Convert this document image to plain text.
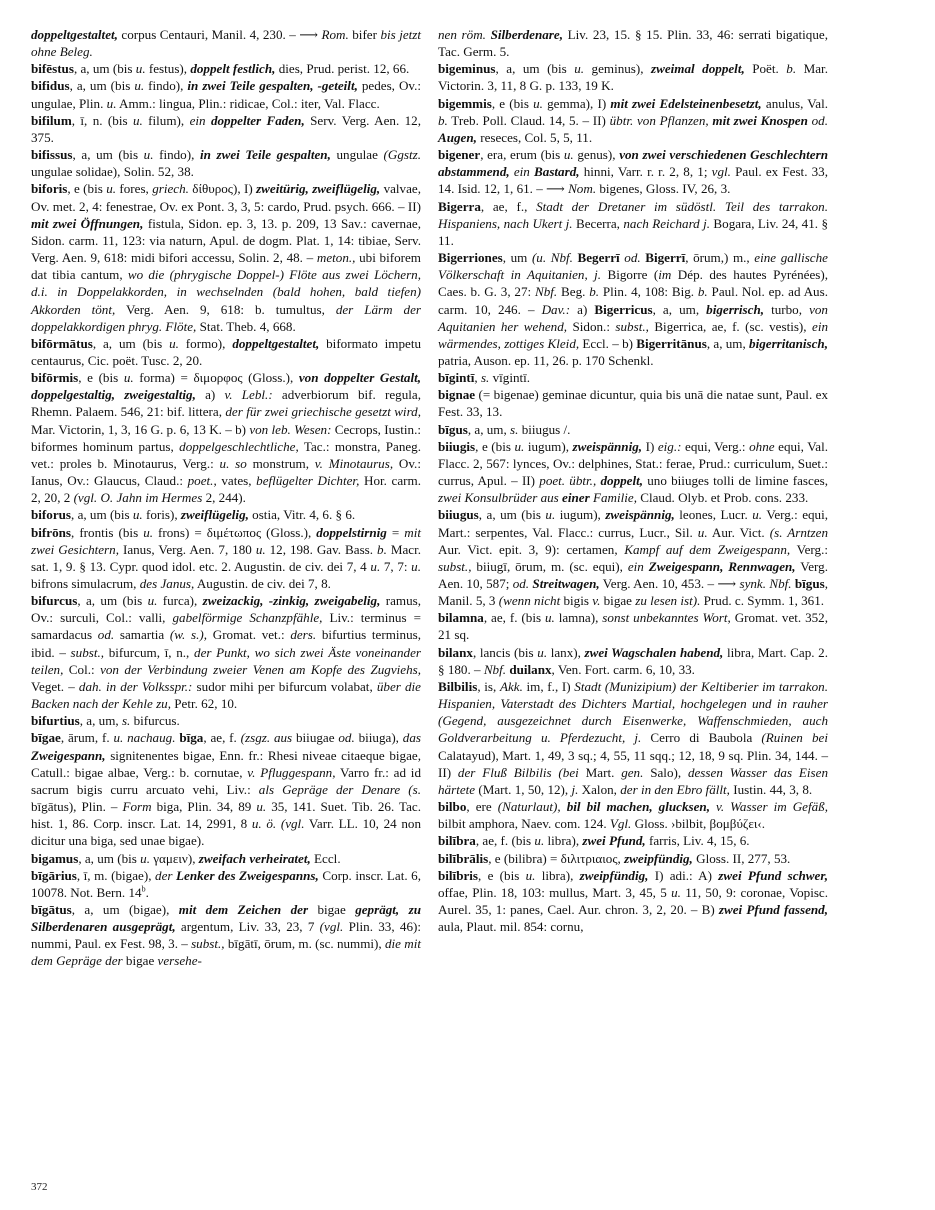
doppeltgestaltet, corpus Centauri, Manil. 4, 230. – ⟶ Rom. bifer bis jetzt ohne Beleg.
bifēstus, a, um (bis u. festus), doppelt festlich, dies, Prud. perist. 12, 66.
bifidus, a, um (bis u. findo), in zwei Teile gespalten, -geteilt, pedes, Ov.: ungulae, Plin. u. Amm.: lingua, Plin.: ridicae, Col.: iter, Val. Flacc.
bifilum, ī, n. (bis u. filum), ein doppelter Faden, Serv. Verg. Aen. 12, 375.
bifissus, a, um (bis u. findo), in zwei Teile gespalten, ungulae (Ggstz. ungulae solidae), Solin. 52, 38.
biforis, e (bis u. fores, griech. δίθυρος), I) zweitürig, zweiflügelig, valvae, Ov. met. 2, 4: fenestrae, Ov. ex Pont. 3, 3, 5: cardo, Prud. psych. 666. – II) mit zwei Öffnungen, fistula, Sidon. ep. 3, 13. p. 209, 13 Sav.: cavernae, Sidon. carm. 11, 123: via naturn, Apul. de dogm. Plat. 1, 14: tibiae, Serv. Verg. Aen. 9, 618: midi bifori accessu, Solin. 2, 48. – meton., ubi biforem dat tibia cantum, wo die (phrygische Doppel-) Flöte aus zwei Löchern, d.i. in Doppelakkorden, in wechselnden (bald hohen, bald tiefen) Akkorden tönt, Verg. Aen. 9, 618: b. tumultus, der Lärm der doppelakkordigen phryg. Flöte, Stat. Theb. 4, 668.
bifōrmātus, a, um (bis u. formo), doppeltgestaltet, biformato impetu centaurus, Cic. poët. Tusc. 2, 20.
bifōrmis, e (bis u. forma) = διμορφος (Gloss.), von doppelter Gestalt, doppelgestaltig, zweigestaltig, a) v. Lebl.: adverbiorum bif. regula, Rhemn. Palaem. 546, 21: bif. littera, der für zwei griechische gesetzt wird, Mar. Victorin, 1, 3, 16 G. p. 6, 13 K. – b) von leb. Wesen: Cecrops, Iustin.: biformes hominum partus, doppelgeschlechtliche, Tac.: monstra, Paneg. vet.: proles b. Minotaurus, Verg.: u. so monstrum, v. Minotaurus, Ov.: Ianus, Ov.: Glaucus, Claud.: poet., vates, beflügelter Dichter, Hor. carm. 2, 20, 2 (vgl. O. Jahn im Hermes 2, 244).
biforus, a, um (bis u. foris), zweiflügelig, ostia, Vitr. 4, 6. § 6.
bifrōns, frontis (bis u. frons) = διμέτωπος (Gloss.), doppelstirnig = mit zwei Gesichtern, Ianus, Verg. Aen. 7, 180 u. 12, 198. Gav. Bass. b. Macr. sat. 1, 9. § 13. Cypr. quod idol. etc. 2. Augustin. de civ. dei 7, 4 u. 7, 7: u. bifrons simulacrum, des Janus, Augustin. de civ. dei 7, 8.
bifurcus, a, um (bis u. furca), zweizackig, -zinkig, zweigabelig, ramus, Ov.: surculi, Col.: valli, gabelförmige Schanzpfähle, Liv.: terminus = samardacus od. samartia (w. s.), Gromat. vet.: ders. bifurtius terminus, ibid. – subst., bifurcum, ī, n., der Punkt, wo sich zwei Äste voneinander teilen, Col.: von der Verbindung zweier Venen am Kopfe des Zugviehs, Veget. – dah. in der Volksspr.: sudor mihi per bifurcum volabat, über die Backen nach der Kehle zu, Petr. 62, 10.
bifurtius, a, um, s. bifurcus.
bīgae, ārum, f. u. nachaug. bīga, ae, f. (zsgz. aus biiugae od. biiuga), das Zweigespann, signitenentes bigae, Enn. fr.: Rhesi niveae citaeque bigae, Catull.: bigae albae, Verg.: b. cornutae, v. Pfluggespann, Varro fr.: ad id sacrum bigis curru arcuato vehi, Liv.: als Gepräge der Denare (s. bīgātus), Plin. – Form biga, Plin. 34, 89 u. 35, 141. Suet. Tib. 26. Tac. hist. 1, 86. Corp. inscr. Lat. 14, 2991, 8 u. ö. (vgl. Varr. LL. 10, 24 non dicitur una biga, sed unae bigae).
bigamus, a, um (bis u. γαμειν), zweifach verheiratet, Eccl.
bīgārius, ī, m. (bigae), der Lenker des Zweigespanns, Corp. inscr. Lat. 6, 10078. Not. Bern. 14$^b$.
bīgātus, a, um (bigae), mit dem Zeichen der bigae geprägt, zu Silberdenaren ausgeprägt, argentum, Liv. 33, 23, 7 (vgl. Plin. 33, 46): nummi, Paul. ex Fest. 98, 3. – subst., bīgātī, ōrum, m. (sc. nummi), die mit dem Gepräge der bigae versehe-
nen röm. Silberdenare, Liv. 23, 15. § 15. Plin. 33, 46: serrati bigatique, Tac. Germ. 5.
bigeminus, a, um (bis u. geminus), zweimal doppelt, Poët. b. Mar. Victorin. 3, 11, 8 G. p. 133, 19 K.
bigemmis, e (bis u. gemma), I) mit zwei Edelsteinenbesetzt, anulus, Val. b. Treb. Poll. Claud. 14, 5. – II) übtr. von Pflanzen, mit zwei Knospen od. Augen, reseces, Col. 5, 5, 11.
bigener, era, erum (bis u. genus), von zwei verschiedenen Geschlechtern abstammend, ein Bastard, hinni, Varr. r. r. 2, 8, 1; vgl. Paul. ex Fest. 33, 14. Isid. 12, 1, 61. – ⟶ Nom. bigenes, Gloss. IV, 26, 3.
Bigerra, ae, f., Stadt der Dretaner im südöstl. Teil des tarrakon. Hispaniens, nach Ukert j. Becerra, nach Reichard j. Bogara, Liv. 24, 41. § 11.
Bigerriones, um (u. Nbf. Begerrī od. Bigerrī, ōrum,) m., eine gallische Völkerschaft in Aquitanien, j. Bigorre (im Dép. des hautes Pyrénées), Caes. b. G. 3, 27: Nbf. Beg. b. Plin. 4, 108: Big. b. Paul. Nol. ep. ad Aus. carm. 10, 246. – Dav.: a) Bigerricus, a, um, bigerrisch, turbo, von Aquitanien her wehend, Sidon.: subst., Bigerrica, ae, f. (sc. vestis), ein wärmendes, zottiges Kleid, Eccl. – b) Bigerritānus, a, um, bigerritanisch, patria, Auson. ep. 11, 26. p. 170 Schenkl.
bīgintī, s. vīgintī.
bignae (= bigenae) geminae dicuntur, quia bis unā die natae sunt, Paul. ex Fest. 33, 13.
bīgus, a, um, s. biiugus /.
biiugis, e (bis u. iugum), zweispännig, I) eig.: equi, Verg.: ohne equi, Val. Flacc. 2, 567: lynces, Ov.: delphines, Stat.: ferae, Prud.: curriculum, Suet.: currus, Apul. – II) poet. übtr., doppelt, uno biiuges tolli de limine fasces, zwei Konsulbrüder aus einer Familie, Claud. Olyb. et Prob. cons. 233.
biiugus, a, um (bis u. iugum), zweispännig, leones, Lucr. u. Verg.: equi, Mart.: serpentes, Val. Flacc.: currus, Lucr., Sil. u. Aur. Vict. (s. Arntzen Aur. Vict. epit. 3, 9): certamen, Kampf auf dem Zweigespann, Verg.: subst., biiugī, ōrum, m. (sc. equi), ein Zweigespann, Rennwagen, Verg. Aen. 10, 587; od. Streitwagen, Verg. Aen. 10, 453. – ⟶ synk. Nbf. bīgus, Manil. 5, 3 (wenn nicht bigis v. bigae zu lesen ist). Prud. c. Symm. 1, 361.
bilamna, ae, f. (bis u. lamna), sonst unbekanntes Wort, Gromat. vet. 352, 21 sq.
bilanx, lancis (bis u. lanx), zwei Wagschalen habend, libra, Mart. Cap. 2. § 180. – Nbf. duilanx, Ven. Fort. carm. 6, 10, 33.
Bilbilis, is, Akk. im, f., I) Stadt (Munizipium) der Keltiberier im tarrakon. Hispanien, Vaterstadt des Dichters Martial, hochgelegen und in rauher (Gegend, ausgezeichnet durch Eisenwerke, Waffenschmieden, auch Goldverarbeitung u. Pferdezucht, j. Cerro di Baubola (Ruinen bei Calatayud), Mart. 1, 49, 3 sq.; 4, 55, 11 sqq.; 12, 18, 9 sq. Plin. 34, 144. – II) der Fluß Bilbilis (bei Mart. gen. Salo), dessen Wasser das Eisen härtete (Mart. 1, 50, 12), j. Xalon, der in den Ebro fällt, Iustin. 44, 3, 8.
bilbo, ere (Naturlaut), bil bil machen, glucksen, v. Wasser im Gefäß, bilbit amphora, Naev. com. 124. Vgl. Gloss. ›bilbit, βομβύζει‹.
bilībra, ae, f. (bis u. libra), zwei Pfund, farris, Liv. 4, 15, 6.
bilībrālis, e (bilibra) = διλιτριαιος, zweipfündig, Gloss. II, 277, 53.
bilībris, e (bis u. libra), zweipfündig, I) adi.: A) zwei Pfund schwer, offae, Plin. 18, 103: mullus, Mart. 3, 45, 5 u. 11, 50, 9: coronae, Vopisc. Aurel. 35, 1: panes, Cael. Aur. chron. 3, 2, 20. – B) zwei Pfund fassend, aula, Plaut. mil. 854: cornu,
372
